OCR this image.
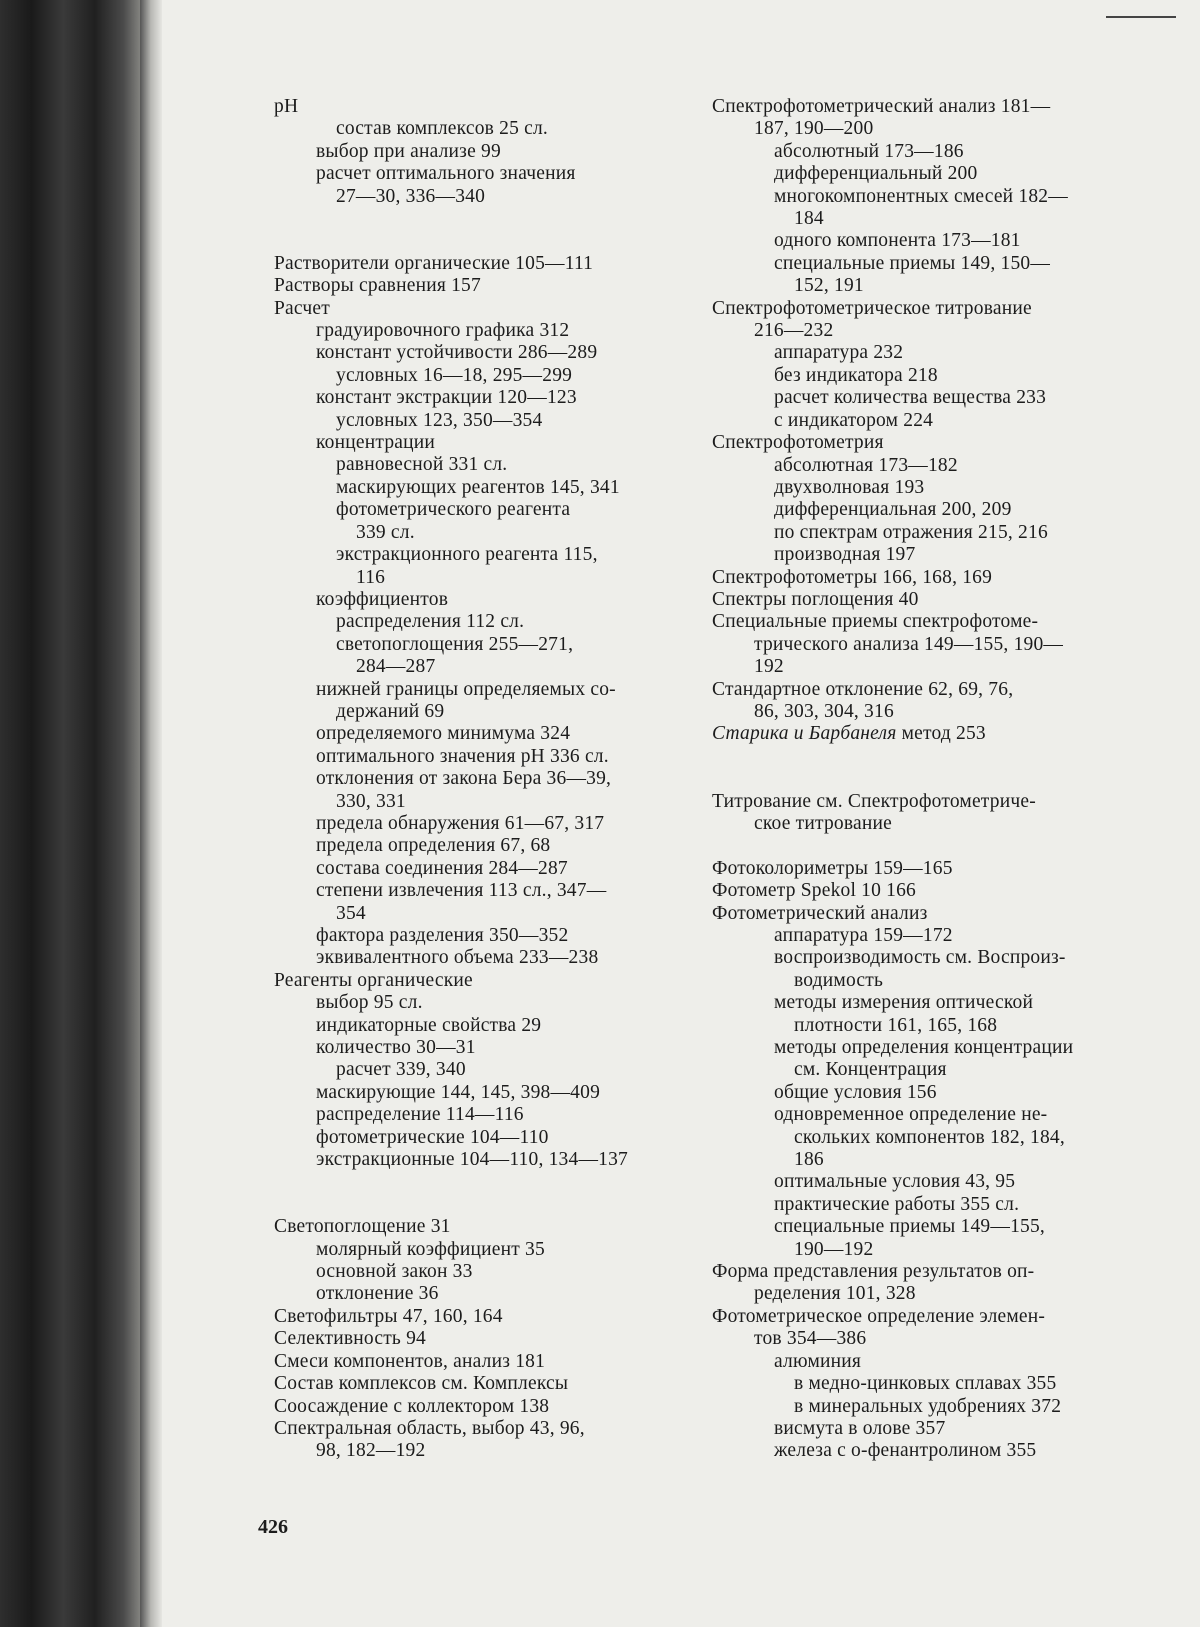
pH
состав комплексов 25 сл.
выбор при анализе 99
расчет оптимального значения
27—30, 336—340
Растворители органические 105—111
Растворы сравнения 157
Расчет
градуировочного графика 312
констант устойчивости 286—289
условных 16—18, 295—299
констант экстракции 120—123
условных 123, 350—354
концентрации
равновесной 331 сл.
маскирующих реагентов 145, 341
фотометрического реагента
339 сл.
экстракционного реагента 115,
116
коэффициентов
распределения 112 сл.
светопоглощения 255—271,
284—287
нижней границы определяемых со-
держаний 69
определяемого минимума 324
оптимального значения pH 336 сл.
отклонения от закона Бера 36—39,
330, 331
предела обнаружения 61—67, 317
предела определения 67, 68
состава соединения 284—287
степени извлечения 113 сл., 347—
354
фактора разделения 350—352
эквивалентного объема 233—238
Реагенты органические
выбор 95 сл.
индикаторные свойства 29
количество 30—31
расчет 339, 340
маскирующие 144, 145, 398—409
распределение 114—116
фотометрические 104—110
экстракционные 104—110, 134—137
Светопоглощение 31
молярный коэффициент 35
основной закон 33
отклонение 36
Светофильтры 47, 160, 164
Селективность 94
Смеси компонентов, анализ 181
Состав комплексов см. Комплексы
Соосаждение с коллектором 138
Спектральная область, выбор 43, 96,
98, 182—192
Спектрофотометрический анализ 181—
187, 190—200
абсолютный 173—186
дифференциальный 200
многокомпонентных смесей 182—
184
одного компонента 173—181
специальные приемы 149, 150—
152, 191
Спектрофотометрическое титрование
216—232
аппаратура 232
без индикатора 218
расчет количества вещества 233
с индикатором 224
Спектрофотометрия
абсолютная 173—182
двухволновая 193
дифференциальная 200, 209
по спектрам отражения 215, 216
производная 197
Спектрофотометры 166, 168, 169
Спектры поглощения 40
Специальные приемы спектрофотоме-
трического анализа 149—155, 190—
192
Стандартное отклонение 62, 69, 76,
86, 303, 304, 316
Старика и Барбанеля метод 253
Титрование см. Спектрофотометриче-
ское титрование
Фотоколориметры 159—165
Фотометр Spekol 10 166
Фотометрический анализ
аппаратура 159—172
воспроизводимость см. Воспроиз-
водимость
методы измерения оптической
плотности 161, 165, 168
методы определения концентрации
см. Концентрация
общие условия 156
одновременное определение не-
скольких компонентов 182, 184,
186
оптимальные условия 43, 95
практические работы 355 сл.
специальные приемы 149—155,
190—192
Форма представления результатов оп-
ределения 101, 328
Фотометрическое определение элемен-
тов 354—386
алюминия
в медно-цинковых сплавах 355
в минеральных удобрениях 372
висмута в олове 357
железа с о-фенантролином 355
426
